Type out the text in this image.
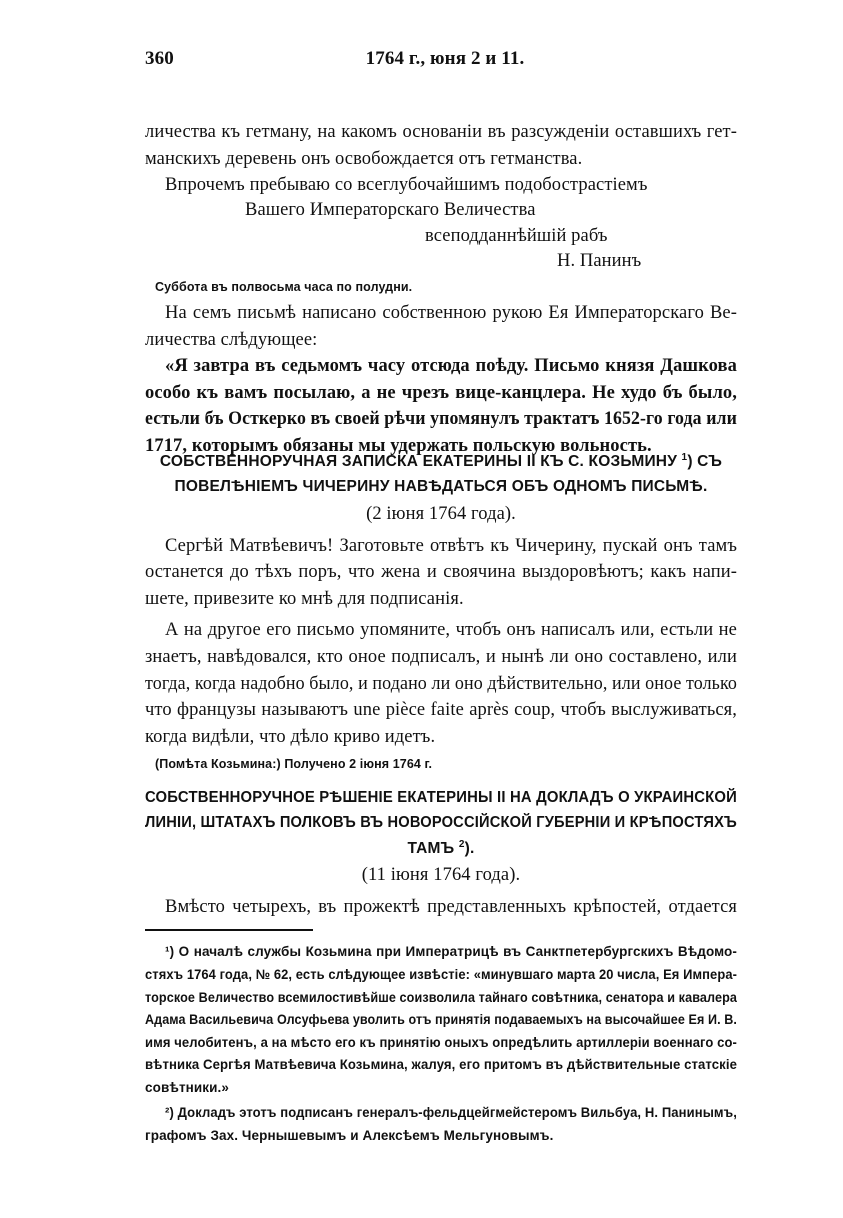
360	1764 г., юня 2 и 11.
личества къ гетману, на какомъ основаніи въ разсужденіи оставшихъ гет-
манскихъ деревень онъ освобождается отъ гетманства.
Впрочемъ пребываю со всеглубочайшимъ подобострастіемъ
Вашего Императорскаго Величества
всеподданнѣйшій рабъ
Н. Панинъ
Суббота въ полвосьма часа по полудни.
На семъ письмѣ написано собственною рукою Ея Императорскаго Ве-
личества слѣдующее:
«Я завтра въ седьмомъ часу отсюда поѣду. Письмо князя Дашкова
особо къ вамъ посылаю, а не чрезъ вице-канцлера. Не худо бъ было,
естьли бъ Осткерко въ своей рѣчи упомянулъ трактатъ 1652-го года или
1717, которымъ обязаны мы удержать польскую вольность.
СОБСТВЕННОРУЧНАЯ ЗАПИСКА ЕКАТЕРИНЫ II КЪ С. КОЗЬМИНУ $^1$) СЪ
ПОВЕЛѢНІЕМЪ ЧИЧЕРИНУ НАВѢДАТЬСЯ ОБЪ ОДНОМЪ ПИСЬМѢ.
(2 іюня 1764 года).
Сергѣй Матвѣевичъ! Заготовьте отвѣтъ къ Чичерину, пускай онъ тамъ
останется до тѣхъ поръ, что жена и своячина выздоровѣютъ; какъ напи-
шете, привезите ко мнѣ для подписанія.
А на другое его письмо упомяните, чтобъ онъ написалъ или, естьли не
знаетъ, навѣдовался, кто оное подписалъ, и нынѣ ли оно составлено, или
тогда, когда надобно было, и подано ли оно дѣйствительно, или оное только
что французы называютъ une pièce faite après coup, чтобъ выслуживаться,
когда видѣли, что дѣло криво идетъ.
(Помѣта Козьмина:) Получено 2 іюня 1764 г.
СОБСТВЕННОРУЧНОЕ РѢШЕНІЕ ЕКАТЕРИНЫ II НА ДОКЛАДЪ О УКРАИНСКОЙ
ЛИНІИ, ШТАТАХЪ ПОЛКОВЪ ВЪ НОВОРОССІЙСКОЙ ГУБЕРНІИ И КРѢПОСТЯХЪ
ТАМЪ $^2$).
(11 іюня 1764 года).
Вмѣсто четырехъ, въ прожектѣ представленныхъ крѣпостей, отдается
¹) О началѣ службы Козьмина при Императрицѣ въ Санктпетербургскихъ Вѣдомо-
стяхъ 1764 года, № 62, есть слѣдующее извѣстіе: «минувшаго марта 20 числа, Ея Импера-
торское Величество всемилостивѣйше соизволила тайнаго совѣтника, сенатора и кавалера
Адама Васильевича Олсуфьева уволить отъ принятія подаваемыхъ на высочайшее Ея И. В.
имя челобитенъ, а на мѣсто его къ принятію оныхъ опредѣлить артиллеріи военнаго со-
вѣтника Сергѣя Матвѣевича Козьмина, жалуя, его притомъ въ дѣйствительные статскіе
совѣтники.»
²) Докладъ этотъ подписанъ генералъ-фельдцейгмейстеромъ Вильбуа, Н. Панинымъ,
графомъ Зах. Чернышевымъ и Алексѣемъ Мельгуновымъ.
